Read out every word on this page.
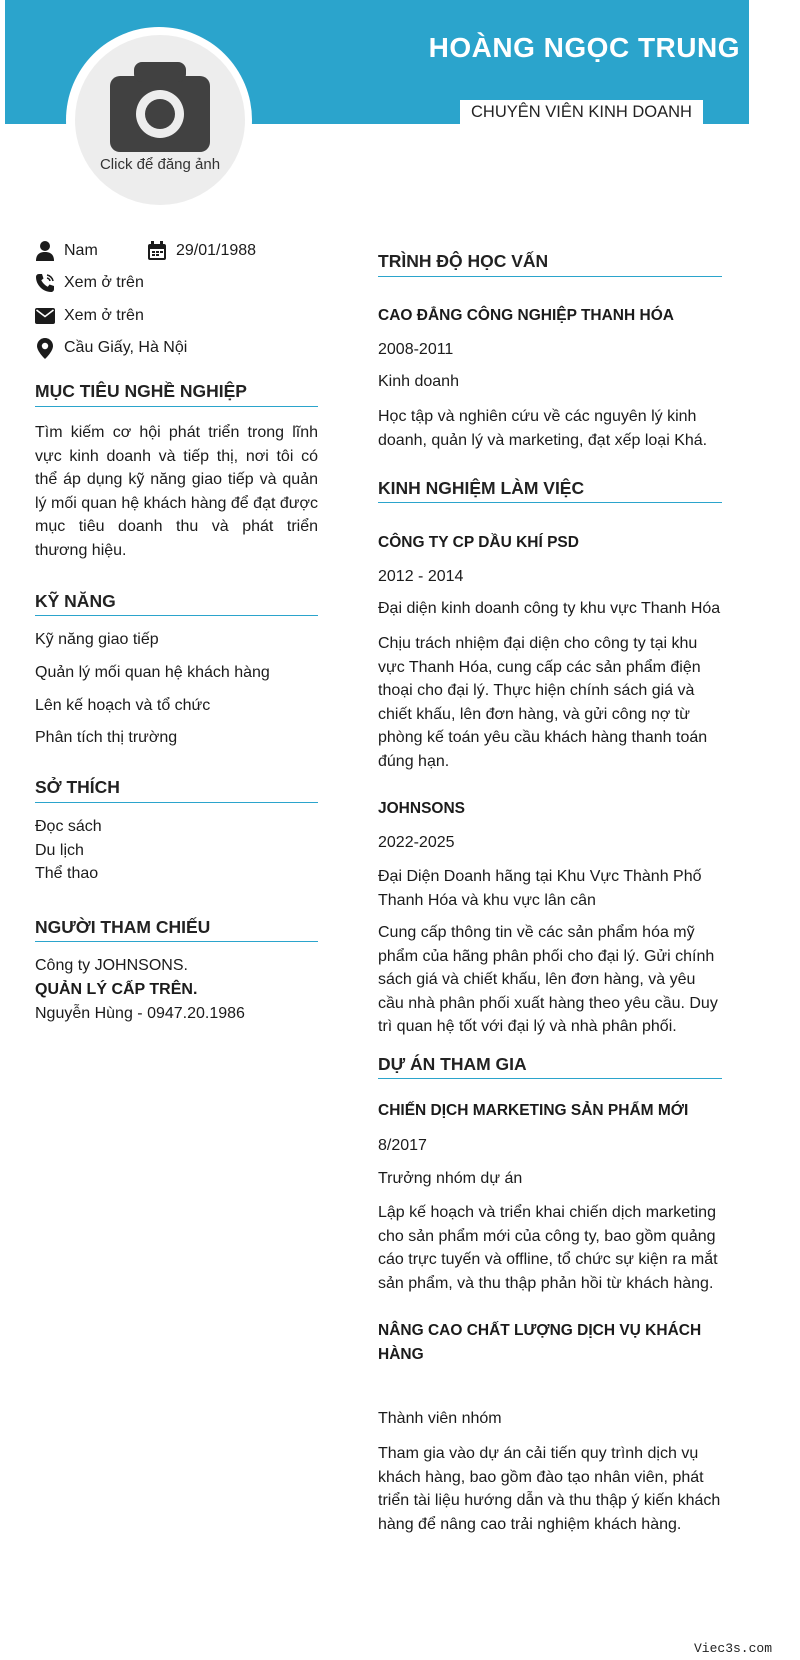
HOÀNG NGỌC TRUNG
CHUYÊN VIÊN KINH DOANH
Click để đăng ảnh
Nam	29/01/1988
Xem ở trên
Xem ở trên
Cầu Giấy, Hà Nội
MỤC TIÊU NGHỀ NGHIỆP
Tìm kiếm cơ hội phát triển trong lĩnh vực kinh doanh và tiếp thị, nơi tôi có thể áp dụng kỹ năng giao tiếp và quản lý mối quan hệ khách hàng để đạt được mục tiêu doanh thu và phát triển thương hiệu.
KỸ NĂNG
Kỹ năng giao tiếp
Quản lý mối quan hệ khách hàng
Lên kế hoạch và tổ chức
Phân tích thị trường
SỞ THÍCH
Đọc sách
Du lịch
Thể thao
NGƯỜI THAM CHIẾU
Công ty JOHNSONS.
QUẢN LÝ CẤP TRÊN.
Nguyễn Hùng - 0947.20.1986
TRÌNH ĐỘ HỌC VẤN
CAO ĐẲNG CÔNG NGHIỆP THANH HÓA
2008-2011
Kinh doanh
Học tập và nghiên cứu về các nguyên lý kinh doanh, quản lý và marketing, đạt xếp loại Khá.
KINH NGHIỆM LÀM VIỆC
CÔNG TY CP DẦU KHÍ PSD
2012 - 2014
Đại diện kinh doanh công ty khu vực Thanh Hóa
Chịu trách nhiệm đại diện cho công ty tại khu vực Thanh Hóa, cung cấp các sản phẩm điện thoại cho đại lý. Thực hiện chính sách giá và chiết khấu, lên đơn hàng, và gửi công nợ từ phòng kế toán yêu cầu khách hàng thanh toán đúng hạn.
JOHNSONS
2022-2025
Đại Diện Doanh hãng tại Khu Vực Thành Phố Thanh Hóa và khu vực lân cân
Cung cấp thông tin về các sản phẩm hóa mỹ phẩm của hãng phân phối cho đại lý. Gửi chính sách giá và chiết khấu, lên đơn hàng, và yêu cầu nhà phân phối xuất hàng theo yêu cầu. Duy trì quan hệ tốt với đại lý và nhà phân phối.
DỰ ÁN THAM GIA
CHIẾN DỊCH MARKETING SẢN PHẨM MỚI
8/2017
Trưởng nhóm dự án
Lập kế hoạch và triển khai chiến dịch marketing cho sản phẩm mới của công ty, bao gồm quảng cáo trực tuyến và offline, tổ chức sự kiện ra mắt sản phẩm, và thu thập phản hồi từ khách hàng.
NÂNG CAO CHẤT LƯỢNG DỊCH VỤ KHÁCH HÀNG
Thành viên nhóm
Tham gia vào dự án cải tiến quy trình dịch vụ khách hàng, bao gồm đào tạo nhân viên, phát triển tài liệu hướng dẫn và thu thập ý kiến khách hàng để nâng cao trải nghiệm khách hàng.
Viec3s.com
